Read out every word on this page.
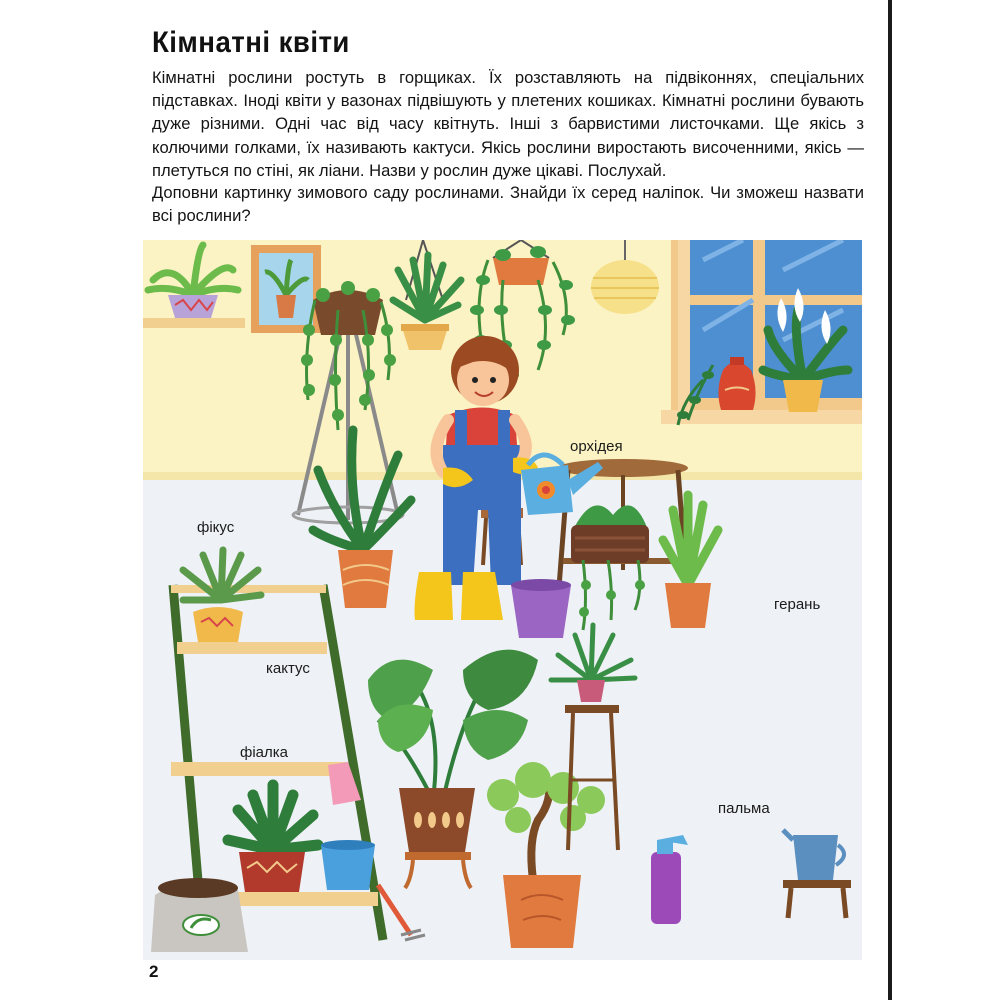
Кімнатні квіти

Кімнатні рослини ростуть в горщиках. Їх розставляють на підвіконнях, спеціальних підставках. Іноді квіти у вазонах підвішують у плетених кошиках. Кімнатні рослини бувають дуже різними. Одні час від часу квітнуть. Інші з барвистими листочками. Ще якісь з колючими голками, їх називають кактуси. Якісь рослини виростають височенними, якісь — плетуться по стіні, як ліани. Назви у рослин дуже цікаві. Послухай.

Доповни картинку зимового саду рослинами. Знайди їх серед наліпок. Чи зможеш назвати всі рослини?

орхідея
фікус
герань
кактус
фіалка
пальма
2
